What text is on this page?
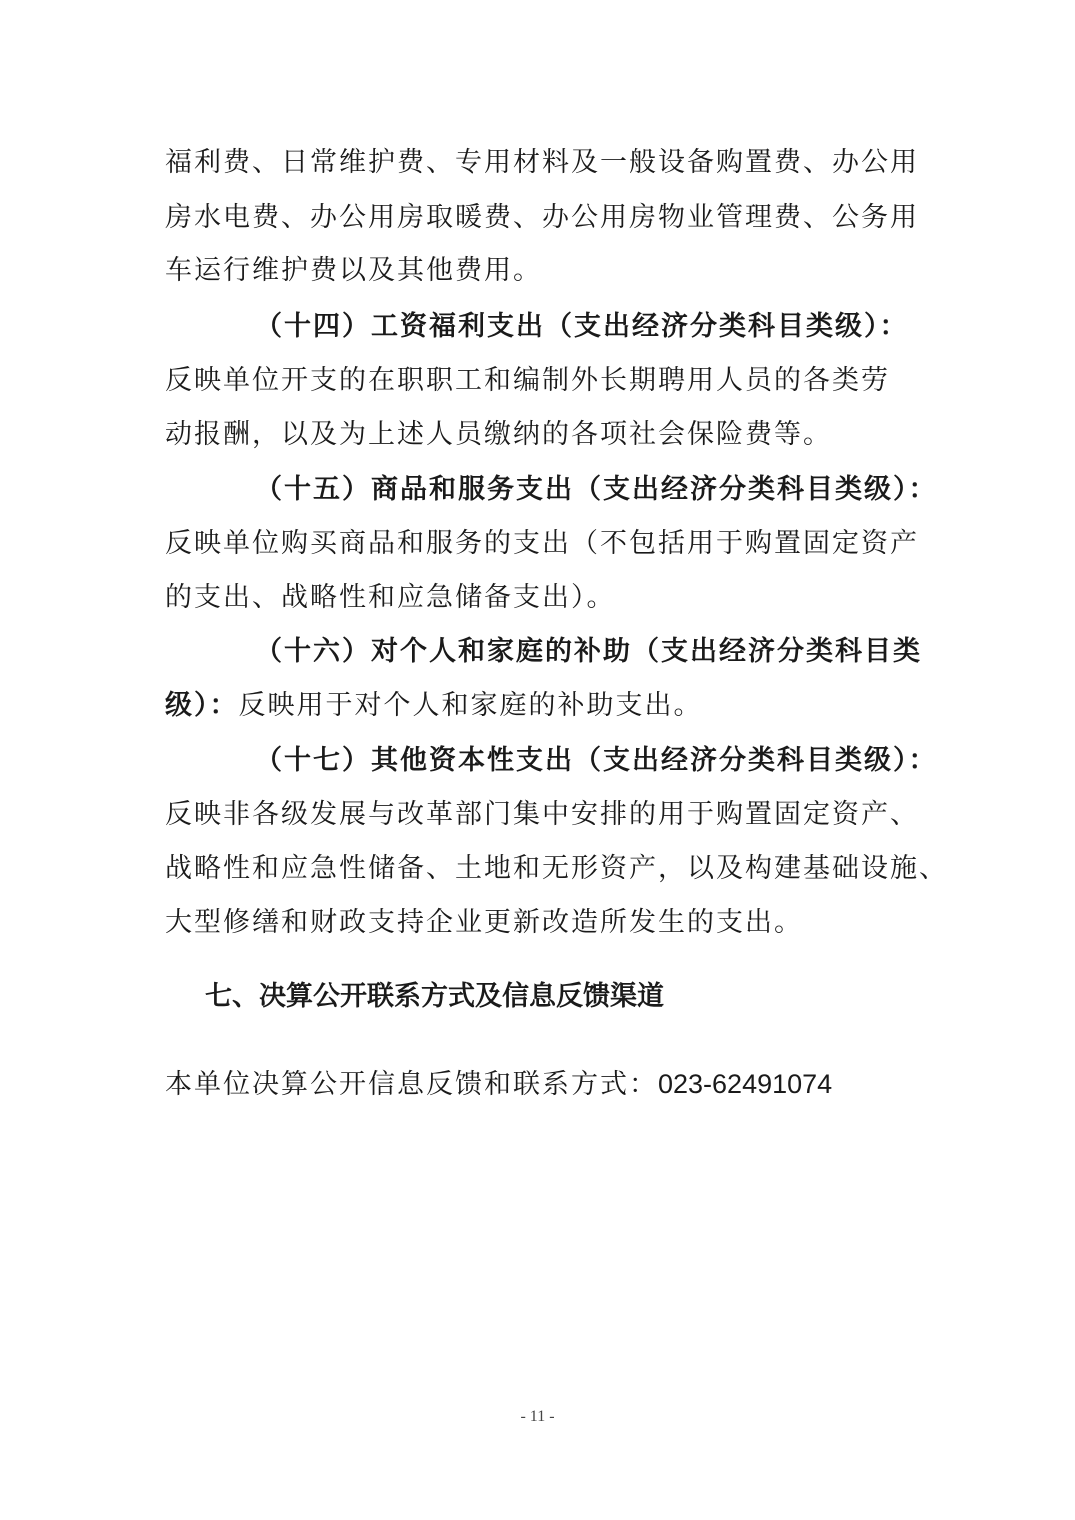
福利费、日常维护费、专用材料及一般设备购置费、办公用
房水电费、办公用房取暖费、办公用房物业管理费、公务用
车运行维护费以及其他费用。
（十四）工资福利支出（支出经济分类科目类级）：
反映单位开支的在职职工和编制外长期聘用人员的各类劳
动报酬，以及为上述人员缴纳的各项社会保险费等。
（十五）商品和服务支出（支出经济分类科目类级）：
反映单位购买商品和服务的支出（不包括用于购置固定资产
的支出、战略性和应急储备支出）。
（十六）对个人和家庭的补助（支出经济分类科目类
级）：反映用于对个人和家庭的补助支出。
（十七）其他资本性支出（支出经济分类科目类级）：
反映非各级发展与改革部门集中安排的用于购置固定资产、
战略性和应急性储备、土地和无形资产，以及构建基础设施、
大型修缮和财政支持企业更新改造所发生的支出。
七、决算公开联系方式及信息反馈渠道
本单位决算公开信息反馈和联系方式：023-62491074
- 11 -
